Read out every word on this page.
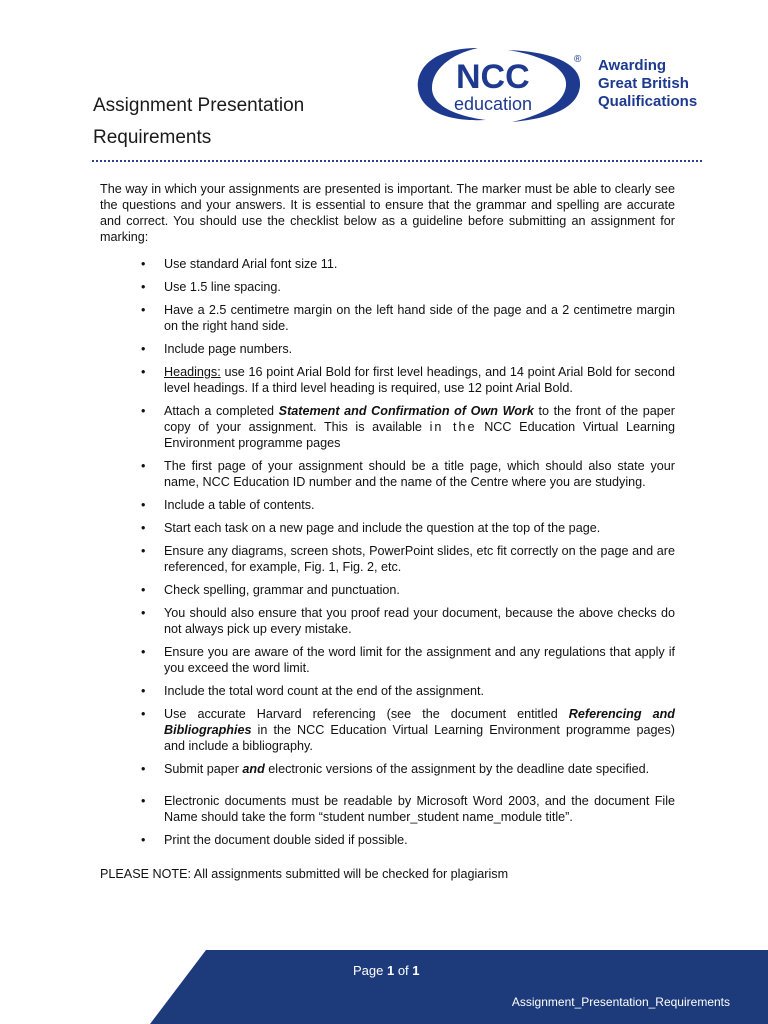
Assignment Presentation
Requirements
NCC
education
® Awarding
Great British
Qualifications

The way in which your assignments are presented is important. The marker must be able to clearly see the questions and your answers. It is essential to ensure that the grammar and spelling are accurate and correct. You should use the checklist below as a guideline before submitting an assignment for marking:

• Use standard Arial font size 11.
• Use 1.5 line spacing.
• Have a 2.5 centimetre margin on the left hand side of the page and a 2 centimetre margin on the right hand side.
• Include page numbers.
• Headings: use 16 point Arial Bold for first level headings, and 14 point Arial Bold for second level headings. If a third level heading is required, use 12 point Arial Bold.
• Attach a completed Statement and Confirmation of Own Work to the front of the paper copy of your assignment. This is available in the NCC Education Virtual Learning Environment programme pages
• The first page of your assignment should be a title page, which should also state your name, NCC Education ID number and the name of the Centre where you are studying.
• Include a table of contents.
• Start each task on a new page and include the question at the top of the page.
• Ensure any diagrams, screen shots, PowerPoint slides, etc fit correctly on the page and are referenced, for example, Fig. 1, Fig. 2, etc.
• Check spelling, grammar and punctuation.
• You should also ensure that you proof read your document, because the above checks do not always pick up every mistake.
• Ensure you are aware of the word limit for the assignment and any regulations that apply if you exceed the word limit.
• Include the total word count at the end of the assignment.
• Use accurate Harvard referencing (see the document entitled Referencing and Bibliographies in the NCC Education Virtual Learning Environment programme pages) and include a bibliography.
• Submit paper and electronic versions of the assignment by the deadline date specified.
• Electronic documents must be readable by Microsoft Word 2003, and the document File Name should take the form “student number_student name_module title”.
• Print the document double sided if possible.
PLEASE NOTE: All assignments submitted will be checked for plagiarism
Page 1 of 1
Assignment_Presentation_Requirements
